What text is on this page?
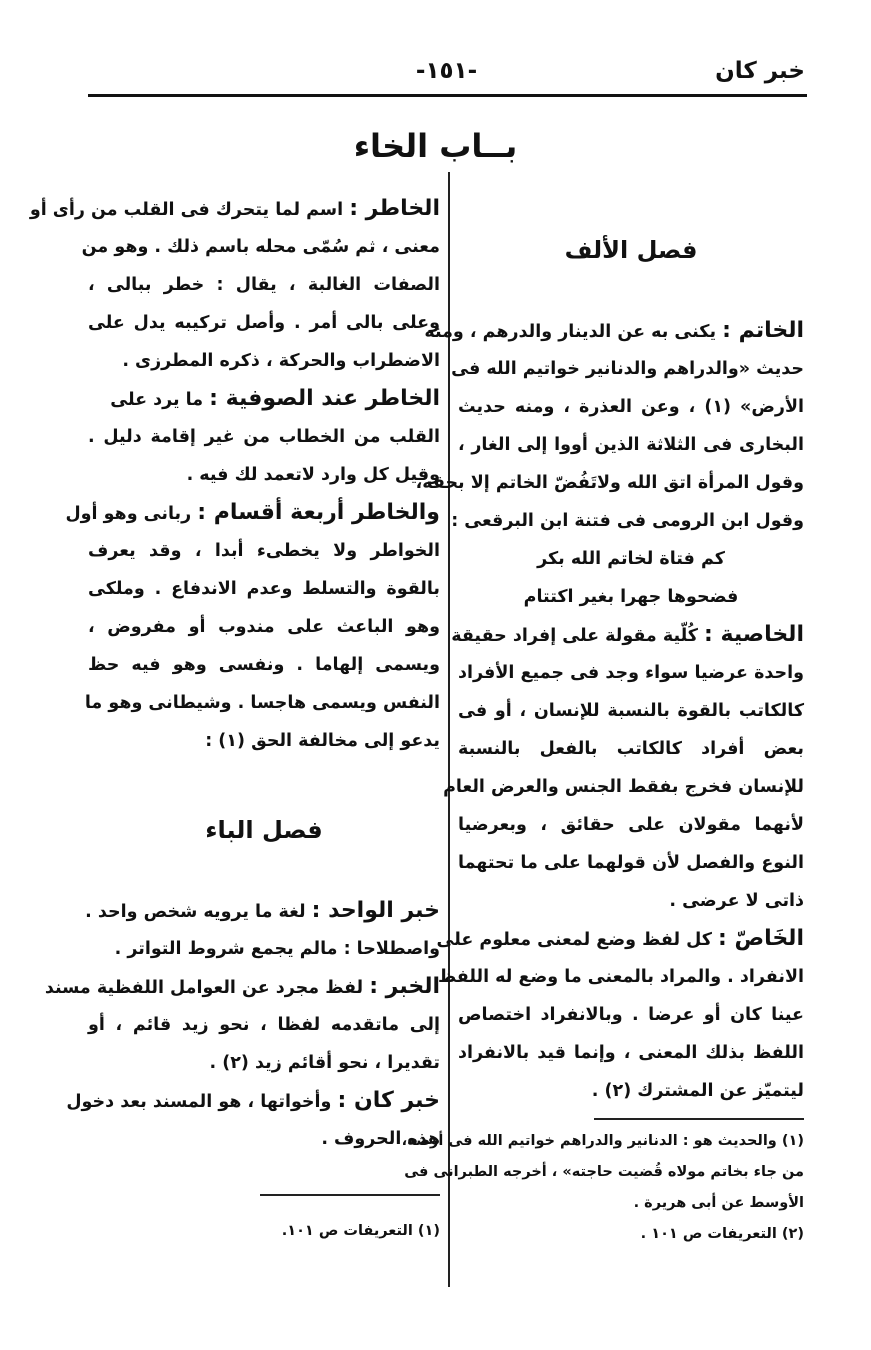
-١٥١-	خبر كان
بــاب الخاء
فصل الألف
الخاتم : يكنى به عن الدينار والدرهم ، ومنه
حديث «والدراهم والدنانير خواتيم الله فى
الأرض» (١) ، وعن العذرة ، ومنه حديث
البخارى فى الثلاثة الذين أووا إلى الغار ،
وقول المرأة اتق الله ولاتَفُضّ الخاتم إلا بحقه،
وقول ابن الرومى فى فتنة ابن البرقعى :
كم فتاة لخاتم الله بكر
فضحوها جهرا بغير اكتتام
الخاصية : كُلّية مقولة على إفراد حقيقة
واحدة عرضيا سواء وجد فى جميع الأفراد
كالكاتب بالقوة بالنسبة للإنسان ، أو فى
بعض أفراد كالكاتب بالفعل بالنسبة
للإنسان فخرج بفقط الجنس والعرض العام
لأنهما مقولان على حقائق ، وبعرضيا
النوع والفصل لأن قولهما على ما تحتهما
ذاتى لا عرضى .
الخَاصّ : كل لفظ وضع لمعنى معلوم على
الانفراد . والمراد بالمعنى ما وضع له اللفظ
عينا كان أو عرضا . وبالانفراد اختصاص
اللفظ بذلك المعنى ، وإنما قيد بالانفراد
ليتميّز عن المشترك (٢) .
(١) والحديث هو : الدنانير والدراهم خواتيم الله فى أرضه،
من جاء بخاتم مولاه قُضيت حاجته» ، أخرجه الطبرانى فى
الأوسط عن أبى هريرة .
(٢) التعريفات ص ١٠١ .
الخاطر : اسم لما يتحرك فى القلب من رأى أو
معنى ، ثم سُمّى محله باسم ذلك . وهو من
الصفات الغالبة ، يقال : خطر ببالى ،
وعلى بالى أمر . وأصل تركيبه يدل على
الاضطراب والحركة ، ذكره المطرزى .
الخاطر عند الصوفية : ما يرد على
القلب من الخطاب من غير إقامة دليل .
وقيل كل وارد لاتعمد لك فيه .
والخاطر أربعة أقسام : ربانى وهو أول
الخواطر ولا يخطىء أبدا ، وقد يعرف
بالقوة والتسلط وعدم الاندفاع . وملكى
وهو الباعث على مندوب أو مفروض ،
ويسمى إلهاما . ونفسى وهو فيه حظ
النفس ويسمى هاجسا . وشيطانى وهو ما
يدعو إلى مخالفة الحق (١) :
فصل الباء
خبر الواحد : لغة ما يرويه شخص واحد .
واصطلاحا : مالم يجمع شروط التواتر .
الخبر : لفظ مجرد عن العوامل اللفظية مسند
إلى ماتقدمه لفظا ، نحو زيد قائم ، أو
تقديرا ، نحو أقائم زيد (٢) .
خبر كان : وأخواتها ، هو المسند بعد دخول
هذه الحروف .
(١) التعريفات ص ١٠١.
